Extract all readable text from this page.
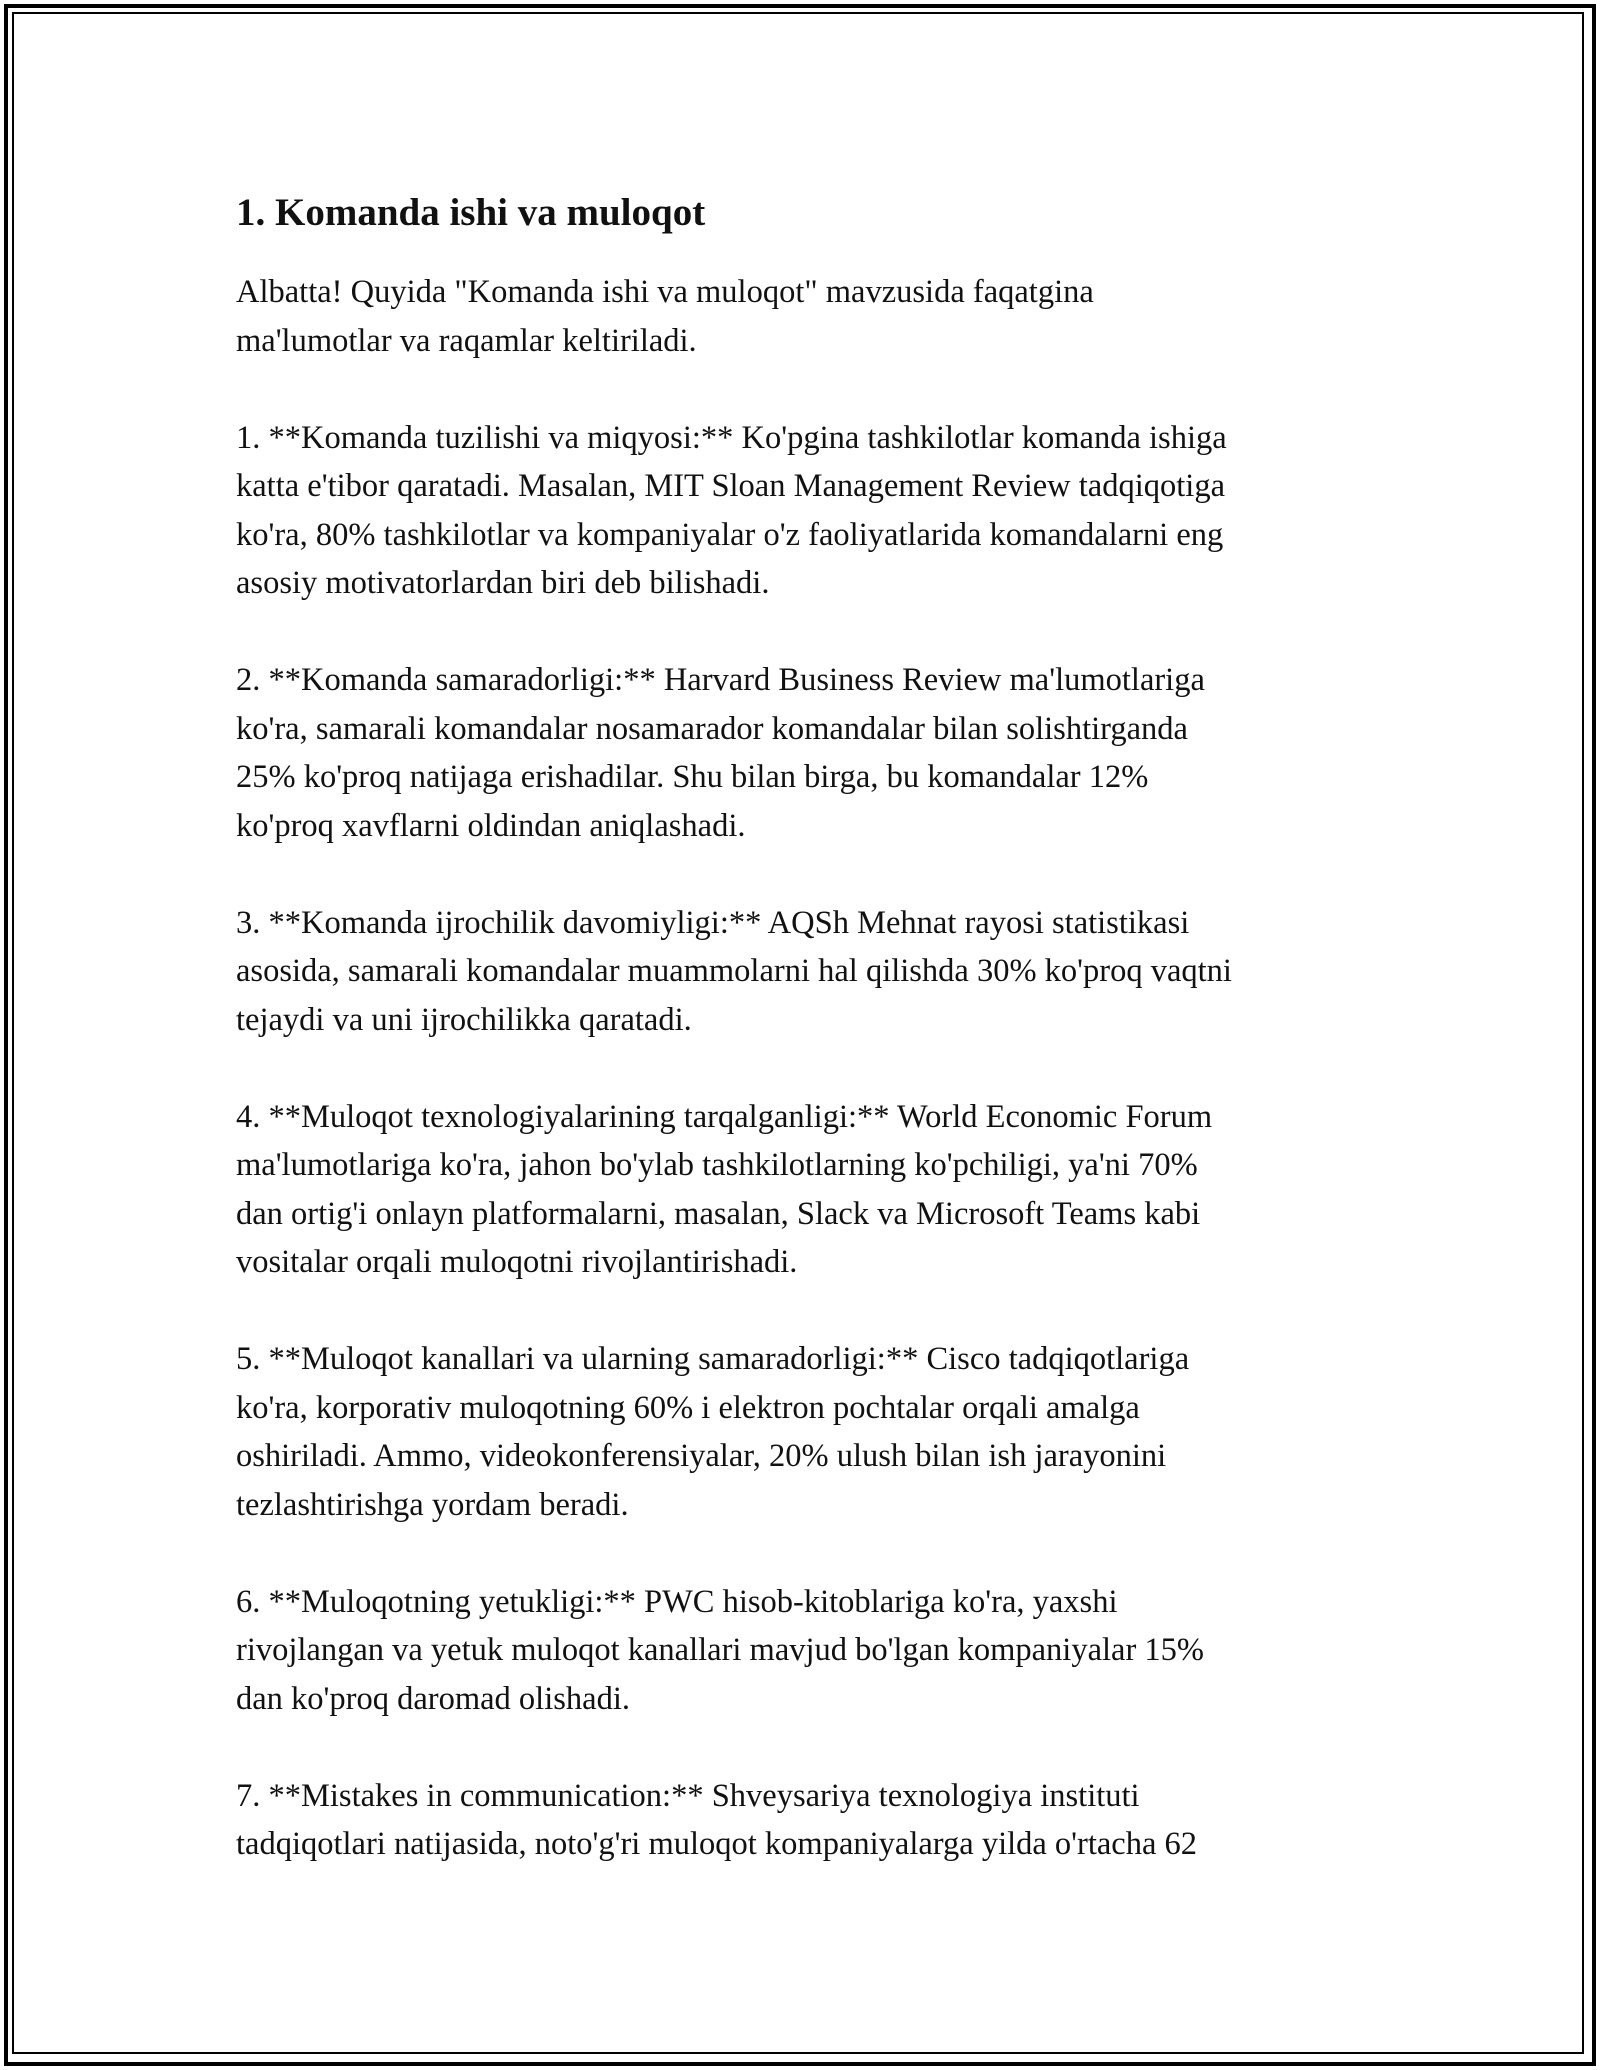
1. Komanda ishi va muloqot

Albatta! Quyida "Komanda ishi va muloqot" mavzusida faqatgina
ma'lumotlar va raqamlar keltiriladi.

1. **Komanda tuzilishi va miqyosi:** Ko'pgina tashkilotlar komanda ishiga
katta e'tibor qaratadi. Masalan, MIT Sloan Management Review tadqiqotiga
ko'ra, 80% tashkilotlar va kompaniyalar o'z faoliyatlarida komandalarni eng
asosiy motivatorlardan biri deb bilishadi.

2. **Komanda samaradorligi:** Harvard Business Review ma'lumotlariga
ko'ra, samarali komandalar nosamarador komandalar bilan solishtirganda
25% ko'proq natijaga erishadilar. Shu bilan birga, bu komandalar 12%
ko'proq xavflarni oldindan aniqlashadi.

3. **Komanda ijrochilik davomiyligi:** AQSh Mehnat rayosi statistikasi
asosida, samarali komandalar muammolarni hal qilishda 30% ko'proq vaqtni
tejaydi va uni ijrochilikka qaratadi.

4. **Muloqot texnologiyalarining tarqalganligi:** World Economic Forum
ma'lumotlariga ko'ra, jahon bo'ylab tashkilotlarning ko'pchiligi, ya'ni 70%
dan ortig'i onlayn platformalarni, masalan, Slack va Microsoft Teams kabi
vositalar orqali muloqotni rivojlantirishadi.

5. **Muloqot kanallari va ularning samaradorligi:** Cisco tadqiqotlariga
ko'ra, korporativ muloqotning 60% i elektron pochtalar orqali amalga
oshiriladi. Ammo, videokonferensiyalar, 20% ulush bilan ish jarayonini
tezlashtirishga yordam beradi.

6. **Muloqotning yetukligi:** PWC hisob-kitoblariga ko'ra, yaxshi
rivojlangan va yetuk muloqot kanallari mavjud bo'lgan kompaniyalar 15%
dan ko'proq daromad olishadi.

7. **Mistakes in communication:** Shveysariya texnologiya instituti
tadqiqotlari natijasida, noto'g'ri muloqot kompaniyalarga yilda o'rtacha 62
